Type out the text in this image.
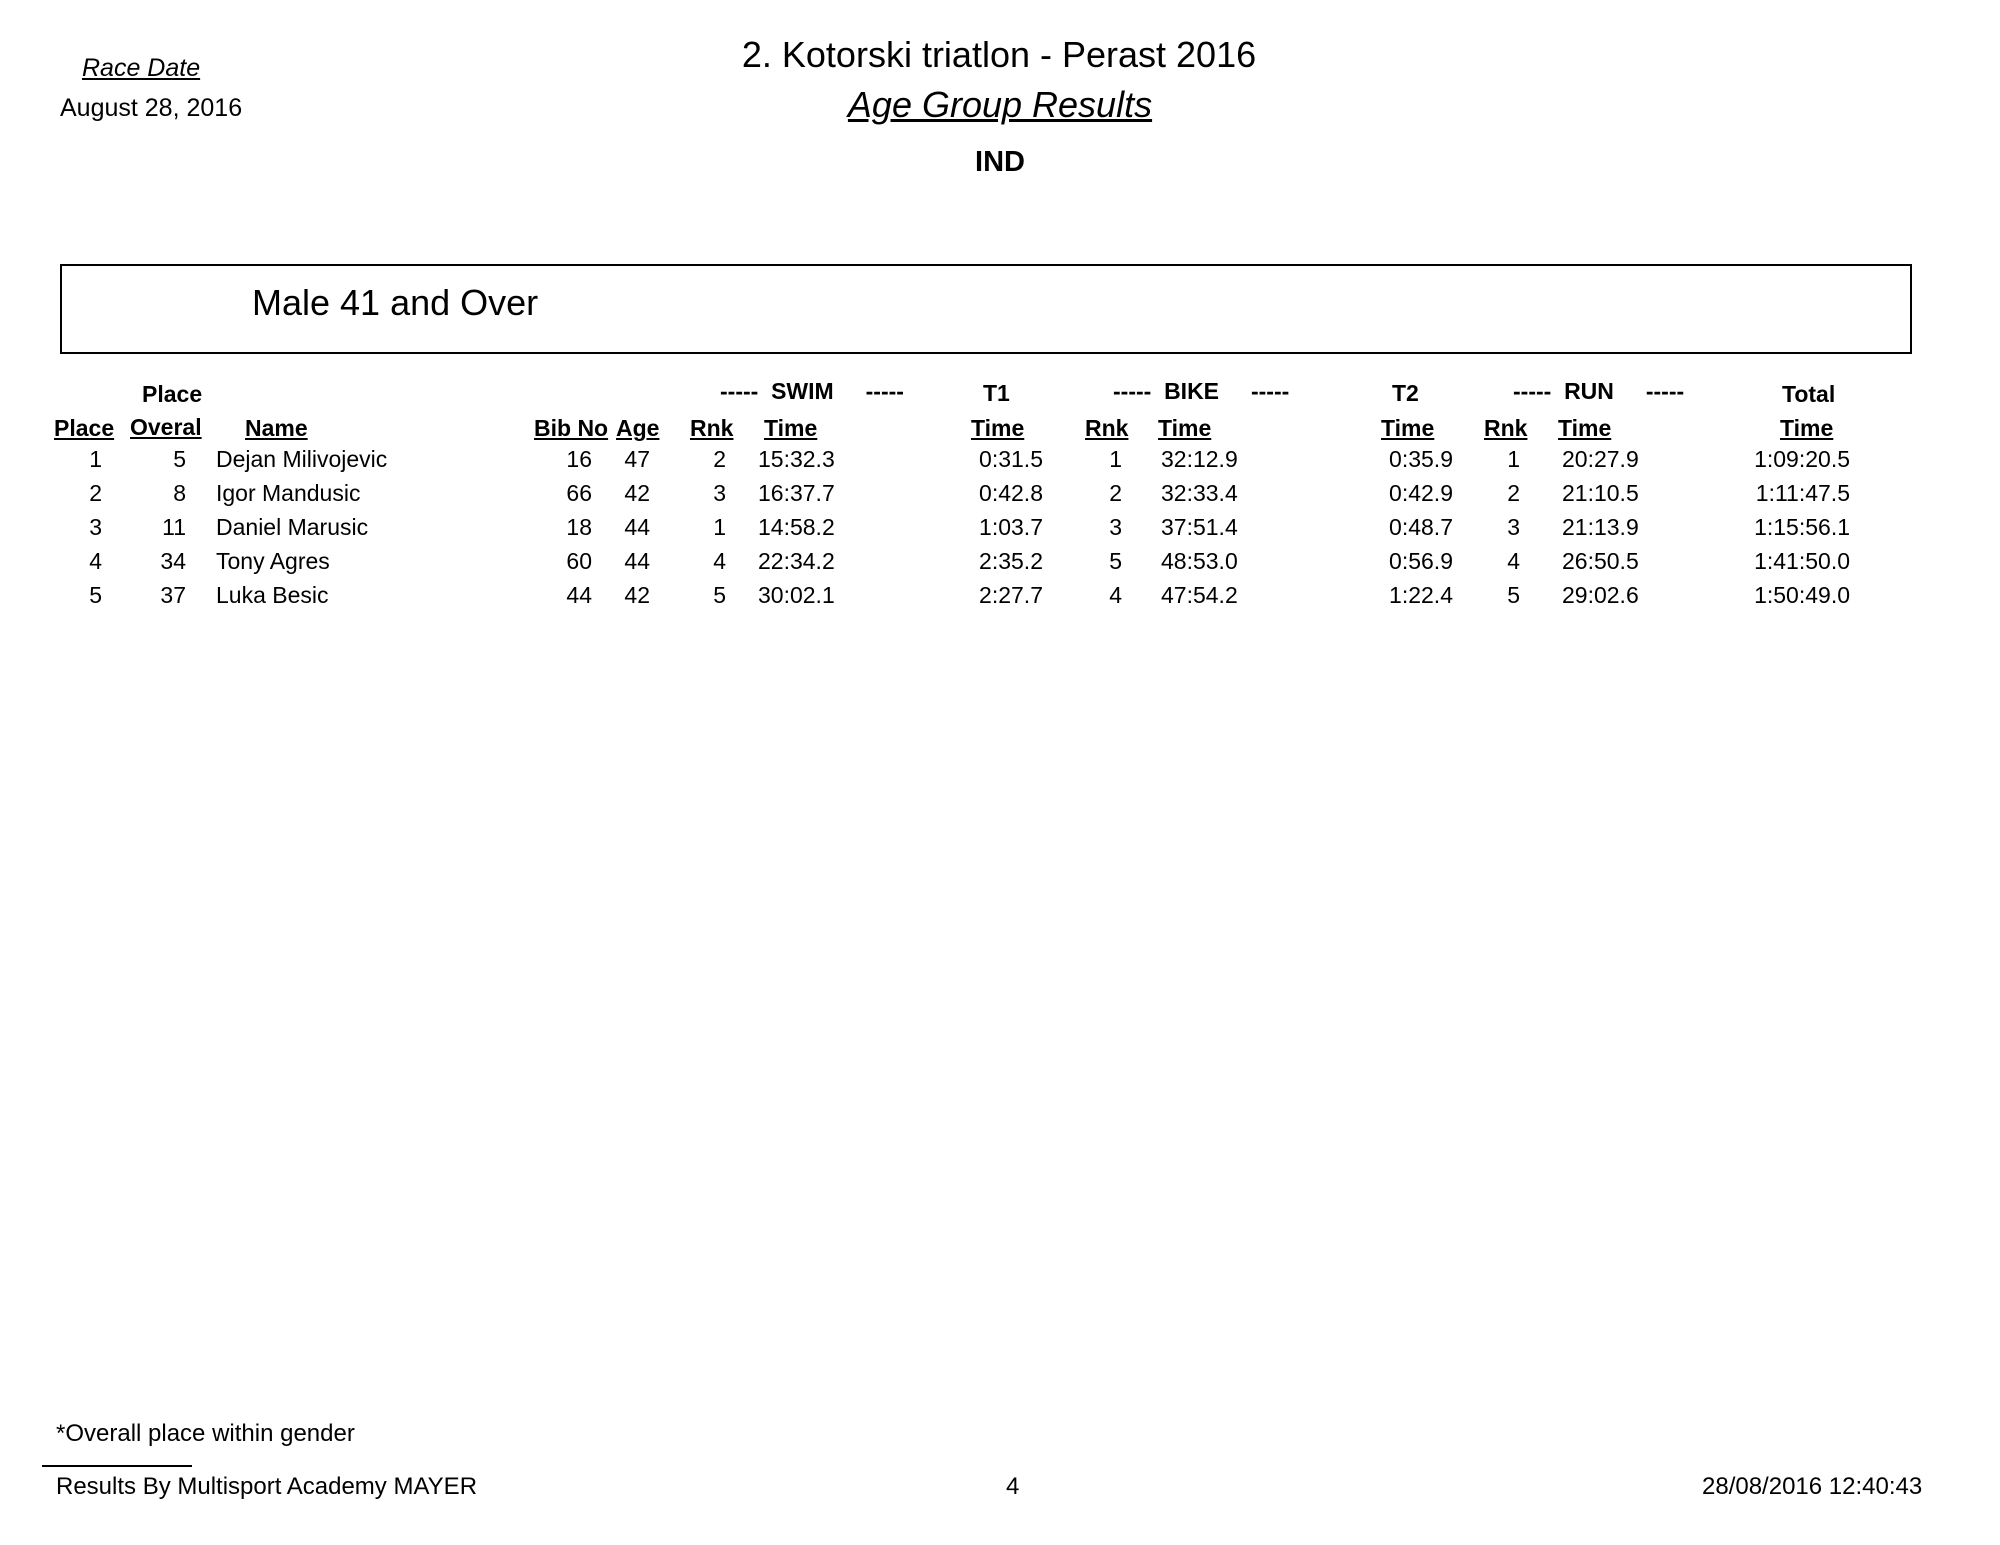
Race Date
August 28, 2016
2. Kotorski triatlon - Perast 2016
Age Group Results
IND
Male 41 and Over
Place	-----  SWIM     -----	T1	-----  BIKE     -----	T2	-----  RUN     -----	Total
Place Overal Name	Bib No Age Rnk Time	Time	Rnk Time	Time Rnk Time	Time
1	5 Dejan Milivojevic	16	47	2 15:32.3	0:31.5	1 32:12.9	0:35.9	1 20:27.9	1:09:20.5
2	8 Igor Mandusic	66	42	3 16:37.7	0:42.8	2 32:33.4	0:42.9	2 21:10.5	1:11:47.5
3	11 Daniel Marusic	18	44	1 14:58.2	1:03.7	3 37:51.4	0:48.7	3 21:13.9	1:15:56.1
4	34 Tony Agres	60	44	4 22:34.2	2:35.2	5 48:53.0	0:56.9	4 26:50.5	1:41:50.0
5	37 Luka Besic	44	42	5 30:02.1	2:27.7	4 47:54.2	1:22.4	5 29:02.6	1:50:49.0
*Overall place within gender
Results By Multisport Academy MAYER	4	28/08/2016 12:40:43
